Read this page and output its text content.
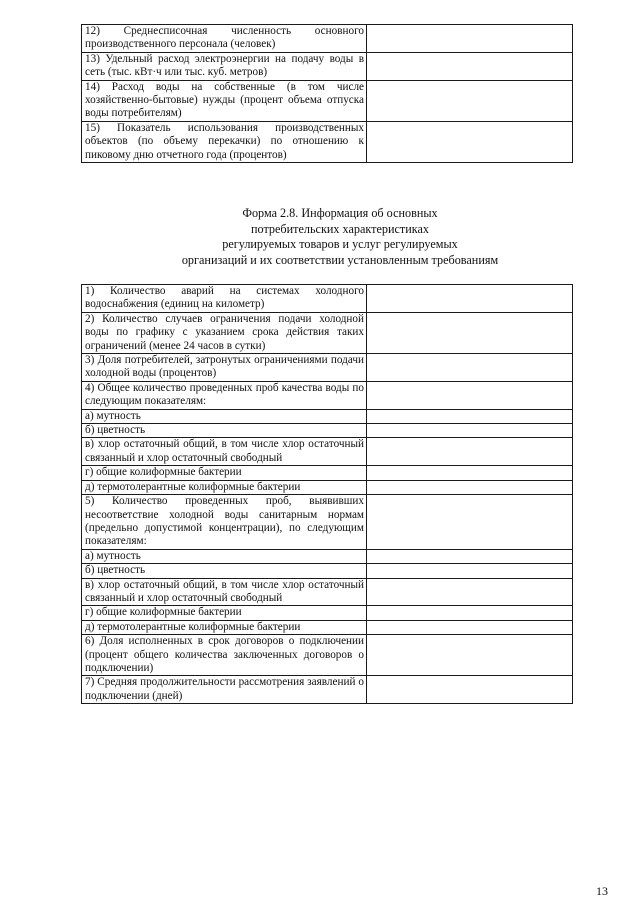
12) Среднесписочная численность основного производственного персонала (человек)	
13) Удельный расход электроэнергии на подачу воды в сеть (тыс. кВт·ч или тыс. куб. метров)	
14) Расход воды на собственные (в том числе хозяйственно-бытовые) нужды (процент объема отпуска воды потребителям)	
15) Показатель использования производственных объектов (по объему перекачки) по отношению к пиковому дню отчетного года (процентов)	
Форма 2.8. Информация об основных
потребительских характеристиках
регулируемых товаров и услуг регулируемых
организаций и их соответствии установленным требованиям
1) Количество аварий на системах холодного водоснабжения (единиц на километр)	
2) Количество случаев ограничения подачи холодной воды по графику с указанием срока действия таких ограничений (менее 24 часов в сутки)	
3) Доля потребителей, затронутых ограничениями подачи холодной воды (процентов)	
4) Общее количество проведенных проб качества воды по следующим показателям:	
а) мутность	
б) цветность	
в) хлор остаточный общий, в том числе хлор остаточный связанный и хлор остаточный свободный	
г) общие колиформные бактерии	
д) термотолерантные колиформные бактерии	
5) Количество проведенных проб, выявивших несоответствие холодной воды санитарным нормам (предельно допустимой концентрации), по следующим показателям:	
а) мутность	
б) цветность	
в) хлор остаточный общий, в том числе хлор остаточный связанный и хлор остаточный свободный	
г) общие колиформные бактерии	
д) термотолерантные колиформные бактерии	
6) Доля исполненных в срок договоров о подключении (процент общего количества заключенных договоров о подключении)	
7) Средняя продолжительности рассмотрения заявлений о подключении (дней)	
13
